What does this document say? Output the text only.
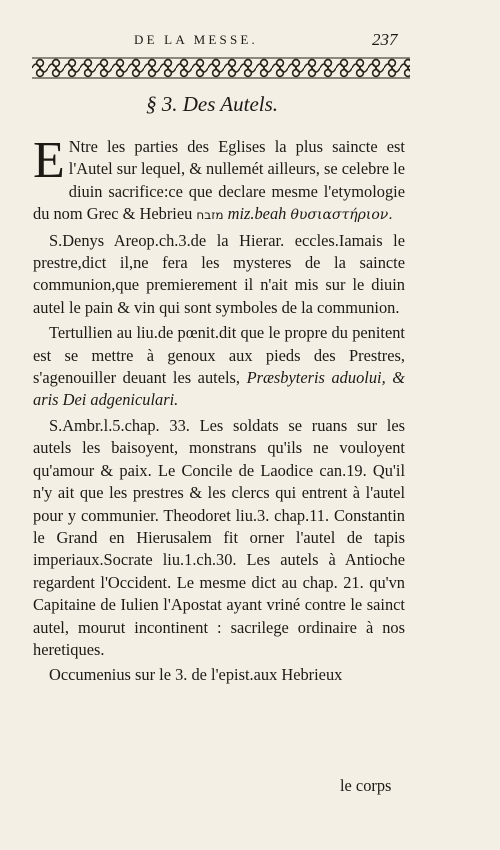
DE LA MESSE.	237
§ 3. Des Autels.

E Ntre les parties des Eglises la plus saincte est l'Autel sur lequel, & nullemét ailleurs, se celebre le diuin sacrifice:ce que declare mesme l'etymologie du nom Grec & Hebrieu מזבח miz.beah θυσιαστήριον.

S.Denys Areop.ch.3.de la Hierar. eccles.Iamais le prestre,dict il,ne fera les mysteres de la saincte communion,que premierement il n'ait mis sur le diuin autel le pain & vin qui sont symboles de la communion.

Tertullien au liu.de pœnit.dit que le propre du penitent est se mettre à genoux aux pieds des Prestres, s'agenouiller deuant les autels, Præsbyteris aduolui, & aris Dei adgeniculari.

S.Ambr.l.5.chap. 33. Les soldats se ruans sur les autels les baisoyent, monstrans qu'ils ne vouloyent qu'amour & paix. Le Concile de Laodice can.19. Qu'il n'y ait que les prestres & les clercs qui entrent à l'autel pour y communier. Theodoret liu.3. chap.11. Constantin le Grand en Hierusalem fit orner l'autel de tapis imperiaux.Socrate liu.1.ch.30. Les autels à Antioche regardent l'Occident. Le mesme dict au chap. 21. qu'vn Capitaine de Iulien l'Apostat ayant vriné contre le sainct autel, mourut incontinent : sacrilege ordinaire à nos heretiques.

Occumenius sur le 3. de l'epist.aux Hebrieux

le corps
